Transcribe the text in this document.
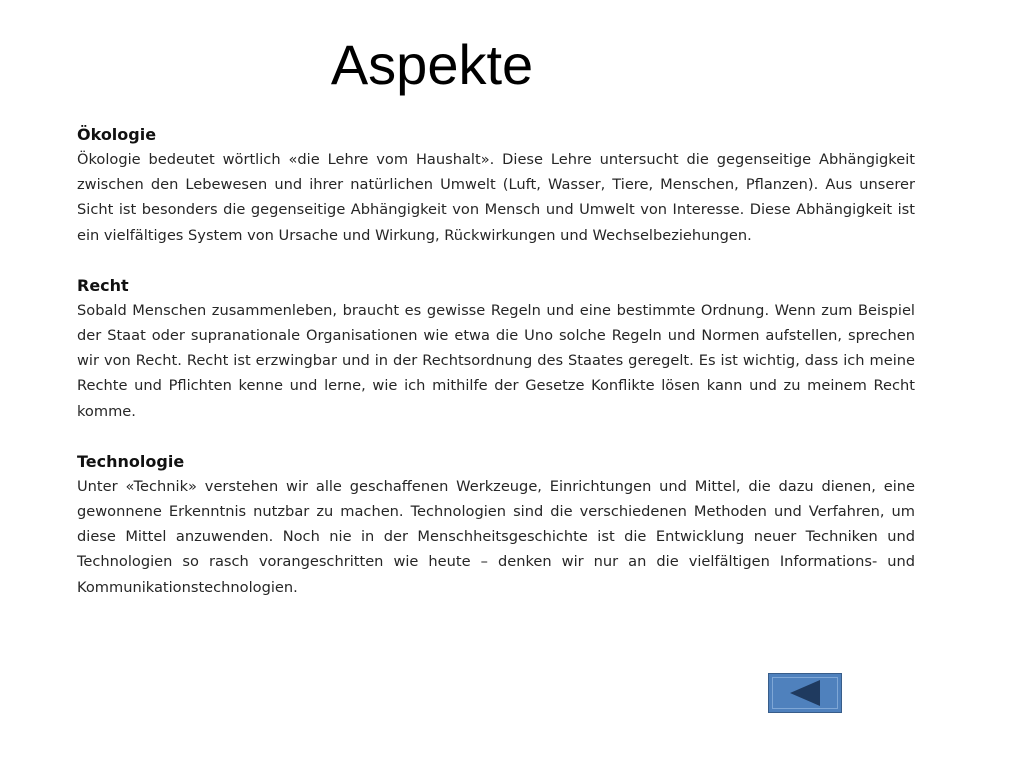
Aspekte

Ökologie

Ökologie bedeutet wörtlich «die Lehre vom Haushalt». Diese Lehre untersucht die gegenseitige Abhängigkeit zwischen den Lebewesen und ihrer natürlichen Umwelt (Luft, Wasser, Tiere, Menschen, Pflanzen). Aus unserer Sicht ist besonders die gegenseitige Abhängigkeit von Mensch und Umwelt von Interesse. Diese Abhängigkeit ist ein vielfältiges System von Ursache und Wirkung, Rückwirkungen und Wechselbeziehungen.

Recht

Sobald Menschen zusammenleben, braucht es gewisse Regeln und eine bestimmte Ordnung. Wenn zum Beispiel der Staat oder supranationale Organisationen wie etwa die Uno solche Regeln und Normen aufstellen, sprechen wir von Recht. Recht ist erzwingbar und in der Rechtsordnung des Staates geregelt. Es ist wichtig, dass ich meine Rechte und Pflichten kenne und lerne, wie ich mithilfe der Gesetze Konflikte lösen kann und zu meinem Recht komme.

Technologie

Unter «Technik» verstehen wir alle geschaffenen Werkzeuge, Einrichtungen und Mittel, die dazu dienen, eine gewonnene Erkenntnis nutzbar zu machen. Technologien sind die verschiedenen Methoden und Verfahren, um diese Mittel anzuwenden. Noch nie in der Menschheitsgeschichte ist die Entwicklung neuer Techniken und Technologien so rasch vorangeschritten wie heute – denken wir nur an die vielfältigen Informations- und Kommunikationstechnologien.
